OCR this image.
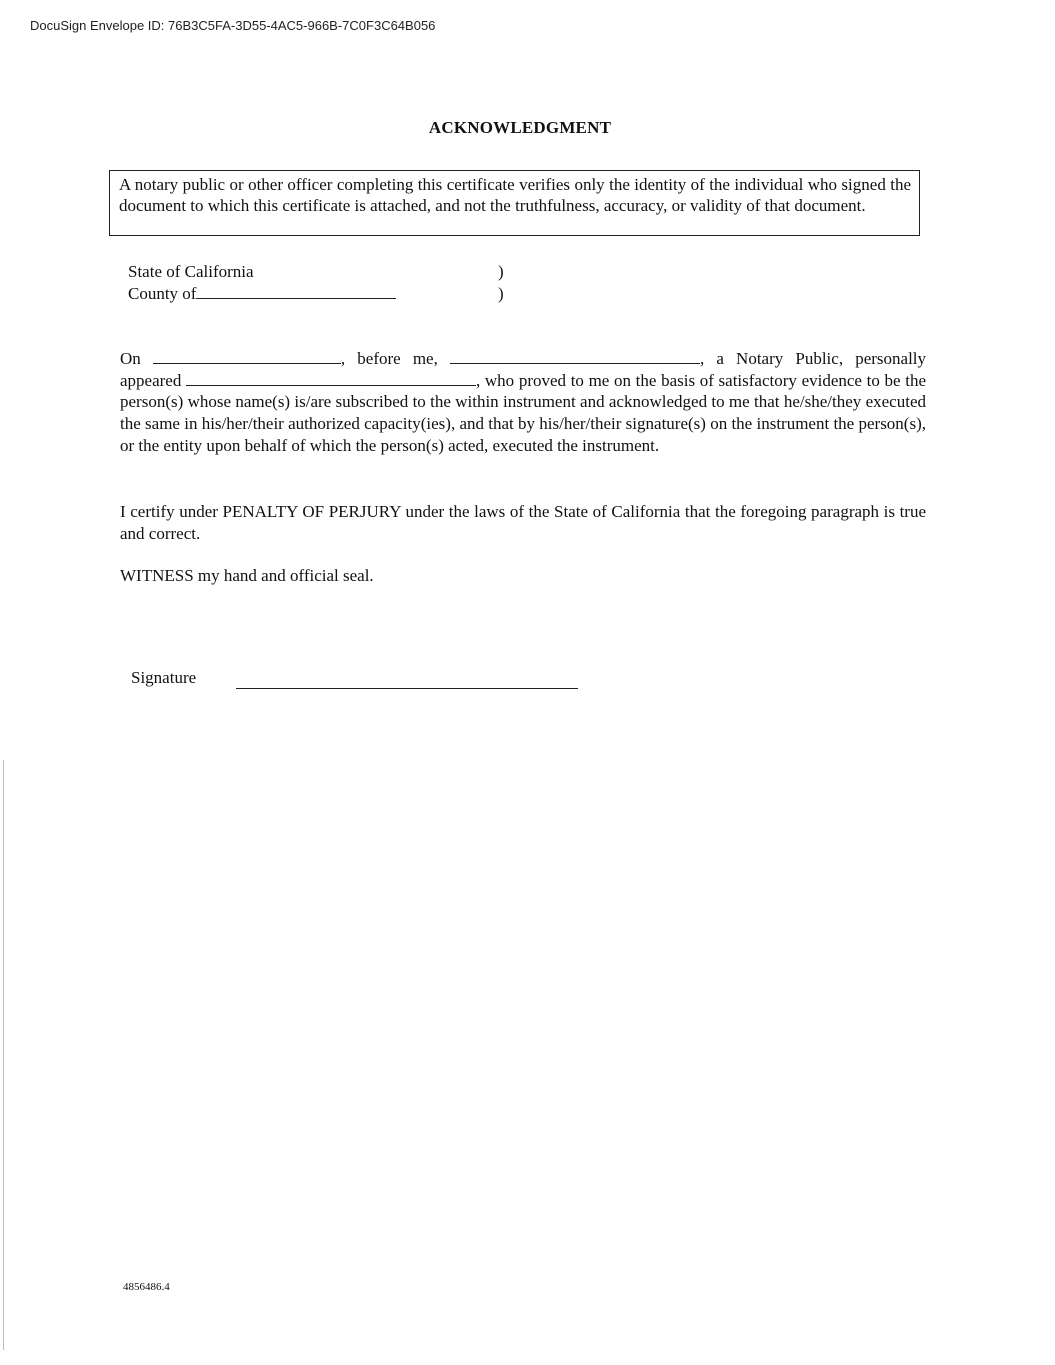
DocuSign Envelope ID: 76B3C5FA-3D55-4AC5-966B-7C0F3C64B056
ACKNOWLEDGMENT
A notary public or other officer completing this certificate verifies only the identity of the individual who signed the document to which this certificate is attached, and not the truthfulness, accuracy, or validity of that document.
State of California	)
County of	)
On	, before me,	, a Notary Public, personally appeared	, who proved to me on the basis of satisfactory evidence to be the person(s) whose name(s) is/are subscribed to the within instrument and acknowledged to me that he/she/they executed the same in his/her/their authorized capacity(ies), and that by his/her/their signature(s) on the instrument the person(s), or the entity upon behalf of which the person(s) acted, executed the instrument.
I certify under PENALTY OF PERJURY under the laws of the State of California that the foregoing paragraph is true and correct.
WITNESS my hand and official seal.
Signature
4856486.4
